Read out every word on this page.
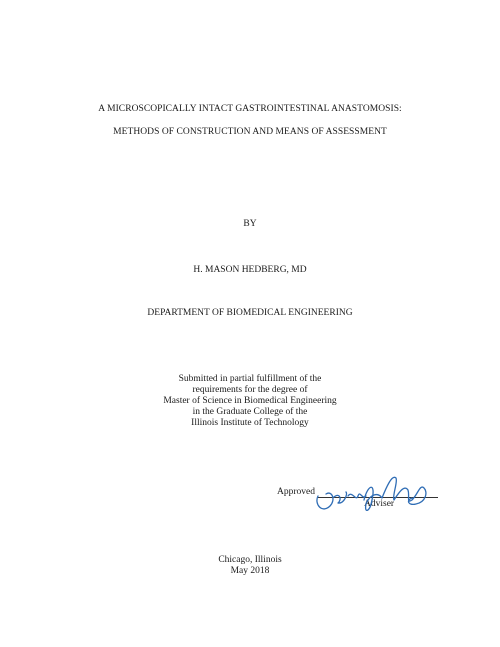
A MICROSCOPICALLY INTACT GASTROINTESTINAL ANASTOMOSIS:
METHODS OF CONSTRUCTION AND MEANS OF ASSESSMENT
BY
H. MASON HEDBERG, MD
DEPARTMENT OF BIOMEDICAL ENGINEERING
Submitted in partial fulfillment of the
requirements for the degree of
Master of Science in Biomedical Engineering
in the Graduate College of the
Illinois Institute of Technology
Approved
Adviser
Chicago, Illinois
May 2018
